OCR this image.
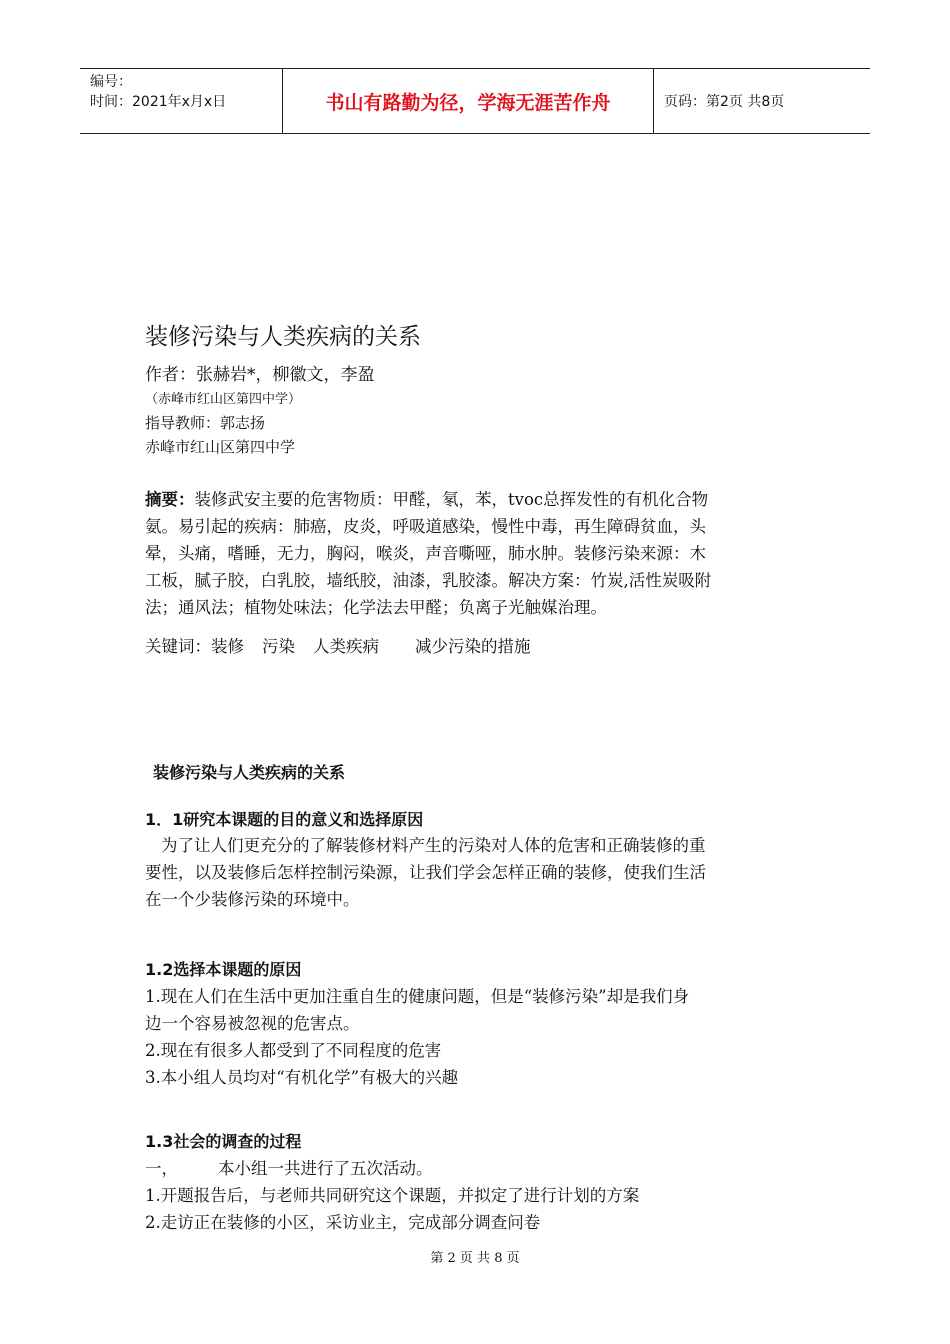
编号：
时间：2021年x月x日	书山有路勤为径，学海无涯苦作舟	页码：第2页 共8页
装修污染与人类疾病的关系
作者：张赫岩*，柳徽文，李盈
（赤峰市红山区第四中学）
指导教师：郭志扬
赤峰市红山区第四中学
摘要：装修武安主要的危害物质：甲醛，氡，苯，tvoc总挥发性的有机化合物
氨。易引起的疾病：肺癌，皮炎，呼吸道感染，慢性中毒，再生障碍贫血，头
晕，头痛，嗜睡，无力，胸闷，喉炎，声音嘶哑，肺水肿。装修污染来源：木
工板，腻子胶，白乳胶，墙纸胶，油漆，乳胶漆。解决方案：竹炭,活性炭吸附
法；通风法；植物处味法；化学法去甲醛；负离子光触媒治理。
关键词：装修 污染 人类疾病 减少污染的措施
装修污染与人类疾病的关系
1．1研究本课题的目的意义和选择原因
为了让人们更充分的了解装修材料产生的污染对人体的危害和正确装修的重
要性，以及装修后怎样控制污染源，让我们学会怎样正确的装修，使我们生活
在一个少装修污染的环境中。
1.2选择本课题的原因
1.现在人们在生活中更加注重自生的健康问题，但是“装修污染”却是我们身
边一个容易被忽视的危害点。
2.现在有很多人都受到了不同程度的危害
3.本小组人员均对“有机化学”有极大的兴趣
1.3社会的调查的过程
一， 本小组一共进行了五次活动。
1.开题报告后，与老师共同研究这个课题，并拟定了进行计划的方案
2.走访正在装修的小区，采访业主，完成部分调查问卷
第 2 页 共 8 页
